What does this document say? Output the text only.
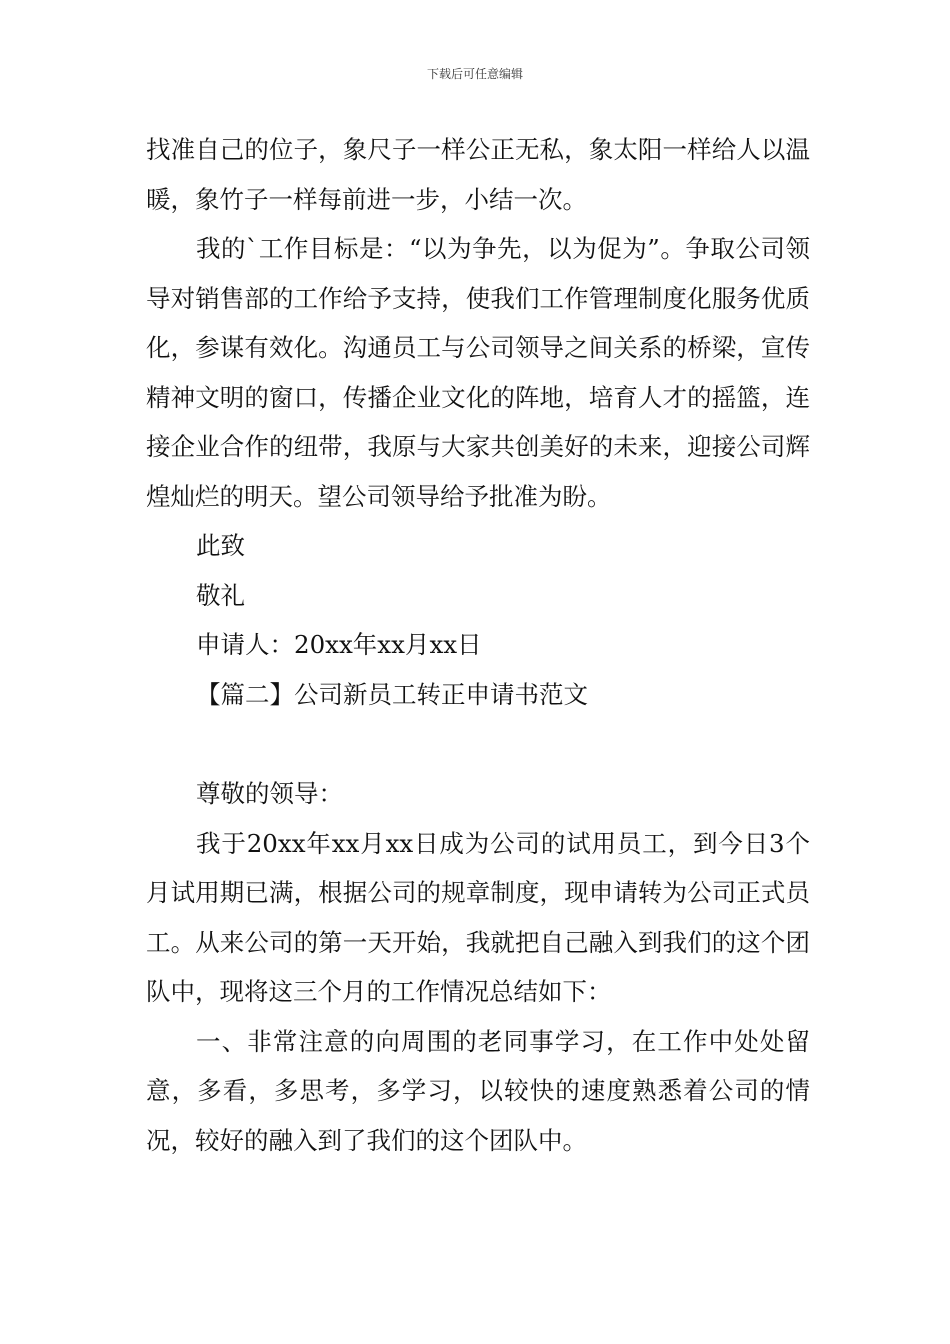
下载后可任意编辑

找准自己的位子，象尺子一样公正无私，象太阳一样给人以温暖，象竹子一样每前进一步，小结一次。

我的`工作目标是：“以为争先，以为促为”。争取公司领导对销售部的工作给予支持，使我们工作管理制度化服务优质化，参谋有效化。沟通员工与公司领导之间关系的桥梁，宣传精神文明的窗口，传播企业文化的阵地，培育人才的摇篮，连接企业合作的纽带，我原与大家共创美好的未来，迎接公司辉煌灿烂的明天。望公司领导给予批准为盼。

此致

敬礼

申请人：20xx年xx月xx日

【篇二】公司新员工转正申请书范文

尊敬的领导：

我于20xx年xx月xx日成为公司的试用员工，到今日3个月试用期已满，根据公司的规章制度，现申请转为公司正式员工。从来公司的第一天开始，我就把自己融入到我们的这个团队中，现将这三个月的工作情况总结如下：

一、非常注意的向周围的老同事学习，在工作中处处留意，多看，多思考，多学习，以较快的速度熟悉着公司的情况，较好的融入到了我们的这个团队中。
